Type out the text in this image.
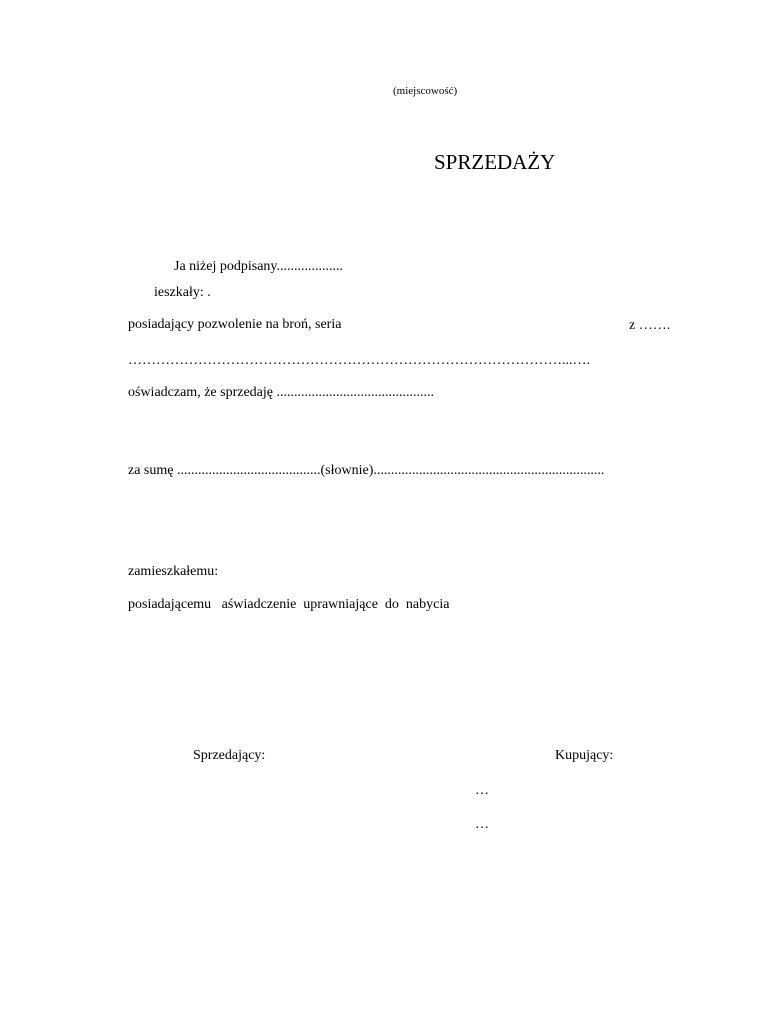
(miejscowość)
SPRZEDAŻY
Ja niżej podpisany...................
ieszkały: .
posiadający pozwolenie na broń, seria	z …….
…………………………………………………………………………………...….
oświadczam, że sprzedaję .............................................
za sumę .........................................(słownie)..................................................................
zamieszkałemu:
posiadającemu   aświadczenie  uprawniające  do  nabycia
Sprzedający:	Kupujący:
…
…
